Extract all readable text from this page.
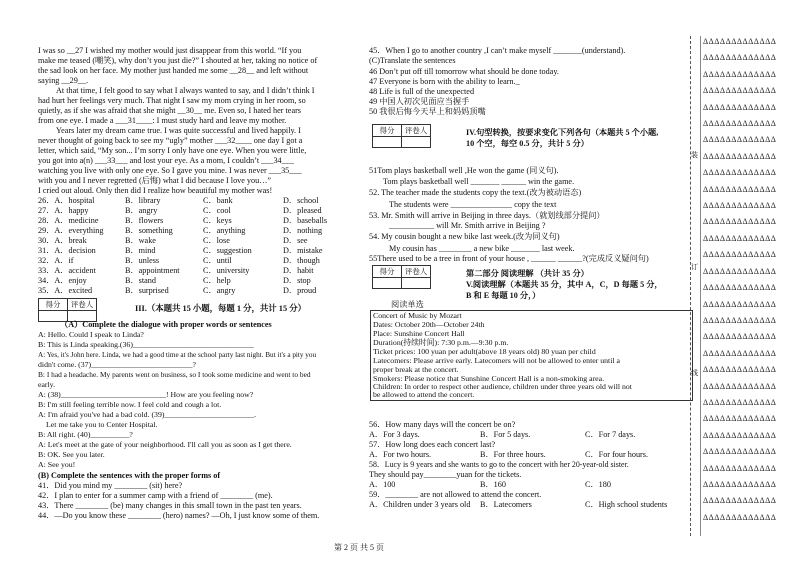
I was so __27 I wished my mother would just disappear from this world. “If you
make me teased (嘲笑), why don’t you just die?” I shouted at her, taking no notice of
the sad look on her face. My mother just handed me some __28__ and left without
saying __29__.
At that time, I felt good to say what I always wanted to say, and I didn’t think I
had hurt her feelings very much. That night I saw my mom crying in her room, so
quietly, as if she was afraid that she might __30__ me. Even so, I hated her tears
from one eye. I made a ___31____: I must study hard and leave my mother.
Years later my dream came true. I was quite successful and lived happily. I
never thought of going back to see my “ugly” mother ___32____ one day I got a
letter, which said, “My son... I’m sorry I only have one eye. When you were little,
you got into a(n) ___33___ and lost your eye. As a mom, I couldn’t ___34___
watching you live with only one eye. So I gave you mine. I was never ___35___
with you and I never regretted (后悔) what I did because I love you…”
I cried out aloud. Only then did I realize how beautiful my mother was!
26．A．hospital	B．library	C．bank	D．school
27．A．happy	B．angry	C．cool	D．pleased
28．A．medicine	B．flowers	C．keys	D．baseballs
29．A．everything	B．something	C．anything	D．nothing
30．A．break	B．wake	C．lose	D．see
31．A．decision	B．mind	C．suggestion	D．mistake
32．A．if	B．unless	C．until	D．though
33．A．accident	B．appointment	C．university	D．habit
34．A．enjoy	B．stand	C．help	D．stop
35．A．excited	B．surprised	C．angry	D．proud
得分	评卷人
		III.（本题共 15 小题，每题 1 分，共计 15 分）
（A）Complete the dialogue with proper words or sentences
A: Hello. Could I speak to Linda?
B: This is Linda speaking.(36)_______________________________
A: Yes, it's John here. Linda, we had a good time at the school party last night. But it's a pity you
didn't come. (37)__________________________?
B: I had a headache. My parents went on business, so I took some medicine and went to bed
early.
A: (38)___________________________! How are you feeling now?
B: I'm still feeling terrible now. I feel cold and cough a lot.
A: I'm afraid you've had a bad cold. (39)_______________________.
Let me take you to Center Hospital.
B: All right. (40)__________?
A: Let's meet at the gate of your neighborhood. I'll call you as soon as I get there.
B: OK. See you later.
A: See you!
(B) Complete the sentences with the proper forms of
41．Did you mind my ________ (sit) here?
42．I plan to enter for a summer camp with a friend of ________ (me).
43．There ________ (be) many changes in this small town in the past ten years.
44．—Do you know these ________ (hero) names? —Oh, I just know some of them.
45．When I go to another country ,I can’t make myself _______(understand).
(C)Translate the sentences
46 Don’t put off till tomorrow what should be done today.
47 Everyone is born with the ability to learn._
48 Life is full of the unexpected
49 中国人初次见面应当握手
50 我很后悔今天早上和妈妈顶嘴
得分	评卷人
		IV.句型转换，按要求变化下列各句（本题共 5 个小题,
10 个空，每空 0.5 分，共计 5 分）
51Tom plays basketball well ,He won the game (同义句).
Tom plays basketball well _______ ______ win the game.
52. The teacher made the students copy the text.(改为被动语态)
The students were _______________ copy the text
53. Mr. Smith will arrive in Beijing in three days.（就划线部分提问）
___________ will Mr. Smith arrive in Beijing ?
54. My cousin bought a new bike last week.(改为同义句)
My cousin has ________ a new bike _______ last week.
55There used to be a tree in front of your house , ______ ______?(完成反义疑问句)
得分	评卷人
		第二部分 阅读理解 （共计 35 分）
V.阅读理解（本题共 35 分，其中 A，C，D 每题 5 分，
B 和 E 每题 10 分，）
阅读单选
Concert of Music by Mozart
Dates: October 20th—October 24th
Place: Sunshine Concert Hall
Duration(持续时间): 7:30 p.m.—9:30 p.m.
Ticket prices: 100 yuan per adult(above 18 years old) 80 yuan per child
Latecomers: Please arrive early. Latecomers will not be allowed to enter until a
proper break at the concert.
Smokers: Please notice that Sunshine Concert Hall is a non-smoking area.
Children: In order to respect other audience, children under three years old will not
be allowed to attend the concert.
56．How many days will the concert be on?
A．For 3 days.	B．For 5 days.	C．For 7 days.
57．How long does each concert last?
A．For two hours.	B．For three hours.	C．For four hours.
58．Lucy is 9 years and she wants to go to the concert with her 20-year-old sister.
They should pay________yuan for the tickets.
A．100	B．160	C．180
59．________ are not allowed to attend the concert.
A．Children under 3 years old B．Latecomers	C．High school students
第 2 页 共 5 页
装
订
线
ΔΔΔΔΔΔΔΔΔΔΔΔΔ
ΔΔΔΔΔΔΔΔΔΔΔΔΔ
ΔΔΔΔΔΔΔΔΔΔΔΔΔ
ΔΔΔΔΔΔΔΔΔΔΔΔΔ
ΔΔΔΔΔΔΔΔΔΔΔΔΔ
ΔΔΔΔΔΔΔΔΔΔΔΔΔ
ΔΔΔΔΔΔΔΔΔΔΔΔΔ
ΔΔΔΔΔΔΔΔΔΔΔΔΔ
ΔΔΔΔΔΔΔΔΔΔΔΔΔ
ΔΔΔΔΔΔΔΔΔΔΔΔΔ
ΔΔΔΔΔΔΔΔΔΔΔΔΔ
ΔΔΔΔΔΔΔΔΔΔΔΔΔ
ΔΔΔΔΔΔΔΔΔΔΔΔΔ
ΔΔΔΔΔΔΔΔΔΔΔΔΔ
ΔΔΔΔΔΔΔΔΔΔΔΔΔ
ΔΔΔΔΔΔΔΔΔΔΔΔΔ
ΔΔΔΔΔΔΔΔΔΔΔΔΔ
ΔΔΔΔΔΔΔΔΔΔΔΔΔ
ΔΔΔΔΔΔΔΔΔΔΔΔΔ
ΔΔΔΔΔΔΔΔΔΔΔΔΔ
ΔΔΔΔΔΔΔΔΔΔΔΔΔ
ΔΔΔΔΔΔΔΔΔΔΔΔΔ
ΔΔΔΔΔΔΔΔΔΔΔΔΔ
ΔΔΔΔΔΔΔΔΔΔΔΔΔ
ΔΔΔΔΔΔΔΔΔΔΔΔΔ
ΔΔΔΔΔΔΔΔΔΔΔΔΔ
ΔΔΔΔΔΔΔΔΔΔΔΔΔ
ΔΔΔΔΔΔΔΔΔΔΔΔΔ
ΔΔΔΔΔΔΔΔΔΔΔΔΔ
ΔΔΔΔΔΔΔΔΔΔΔΔΔ
